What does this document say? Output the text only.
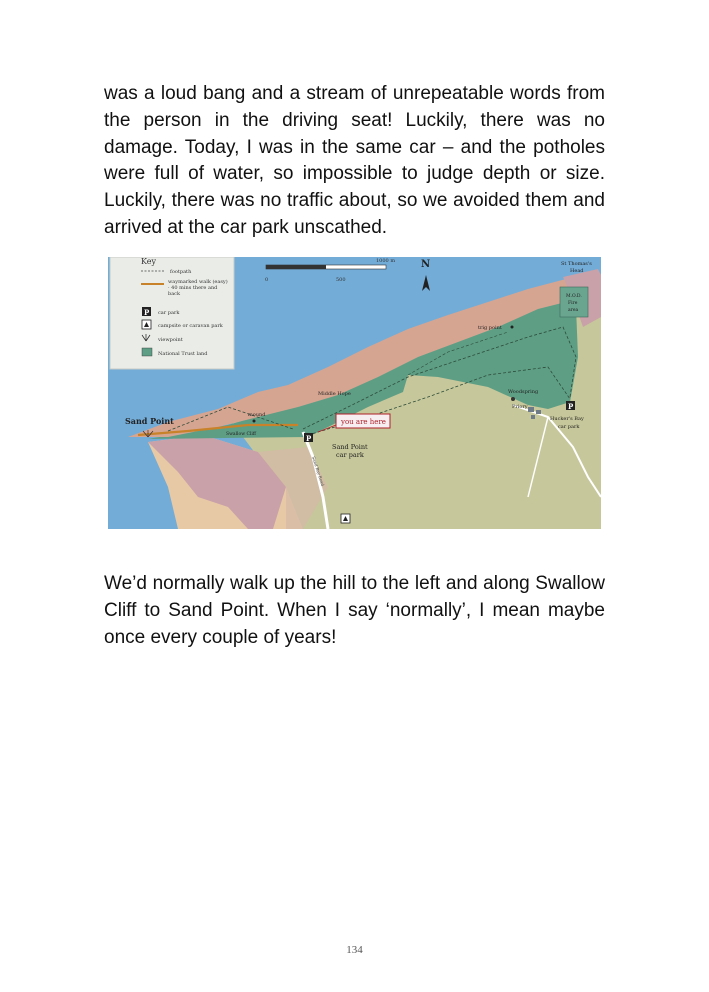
was a loud bang and a stream of unrepeatable words from the person in the driving seat! Luckily, there was no damage. Today, I was in the same car – and the potholes were full of water, so impossible to judge depth or size. Luckily, there was no traffic about, so we avoided them and arrived at the car park unscathed.

0	500
1000 m	N
Key
footpath
waymarked walk (easy) · 40 mins there and back
P car park
campsite or caravan park
viewpoint
National Trust land
Sand Point
mound
Swallow Cliff
Middle Hope
you are here
P
Sand Point
car park
Sand Bay Road
trig point
Woodspring
Priory	P
Hucker's Bay
car park
St Thomas's
Head
M.O.D.
Fire
area

We’d normally walk up the hill to the left and along Swallow Cliff to Sand Point. When I say ‘normally’, I mean maybe once every couple of years!

134
